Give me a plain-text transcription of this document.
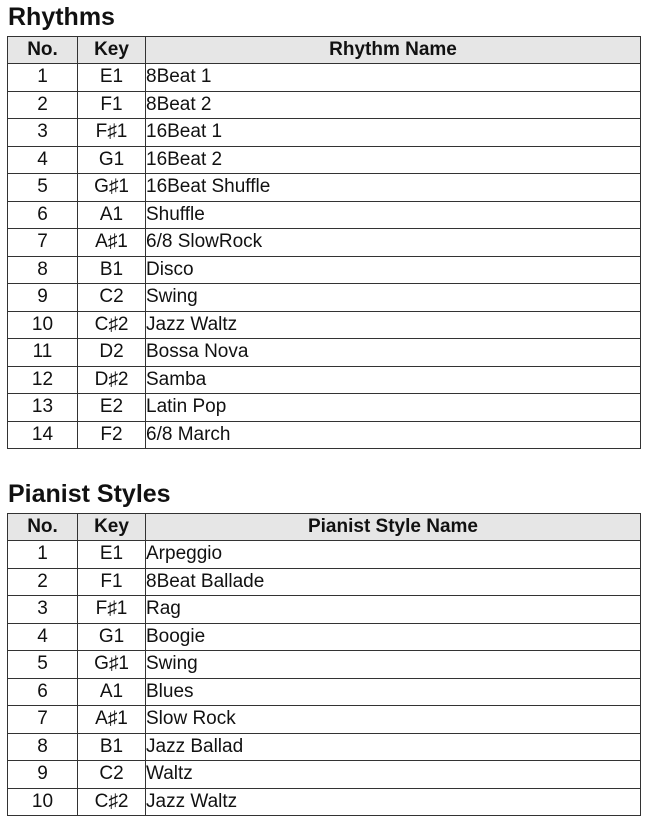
Rhythms
No.	Key	Rhythm Name
1	E1	8Beat 1
2	F1	8Beat 2
3	F♯1	16Beat 1
4	G1	16Beat 2
5	G♯1	16Beat Shuffle
6	A1	Shuffle
7	A♯1	6/8 SlowRock
8	B1	Disco
9	C2	Swing
10	C♯2	Jazz Waltz
11	D2	Bossa Nova
12	D♯2	Samba
13	E2	Latin Pop
14	F2	6/8 March
Pianist Styles
No.	Key	Pianist Style Name
1	E1	Arpeggio
2	F1	8Beat Ballade
3	F♯1	Rag
4	G1	Boogie
5	G♯1	Swing
6	A1	Blues
7	A♯1	Slow Rock
8	B1	Jazz Ballad
9	C2	Waltz
10	C♯2	Jazz Waltz
